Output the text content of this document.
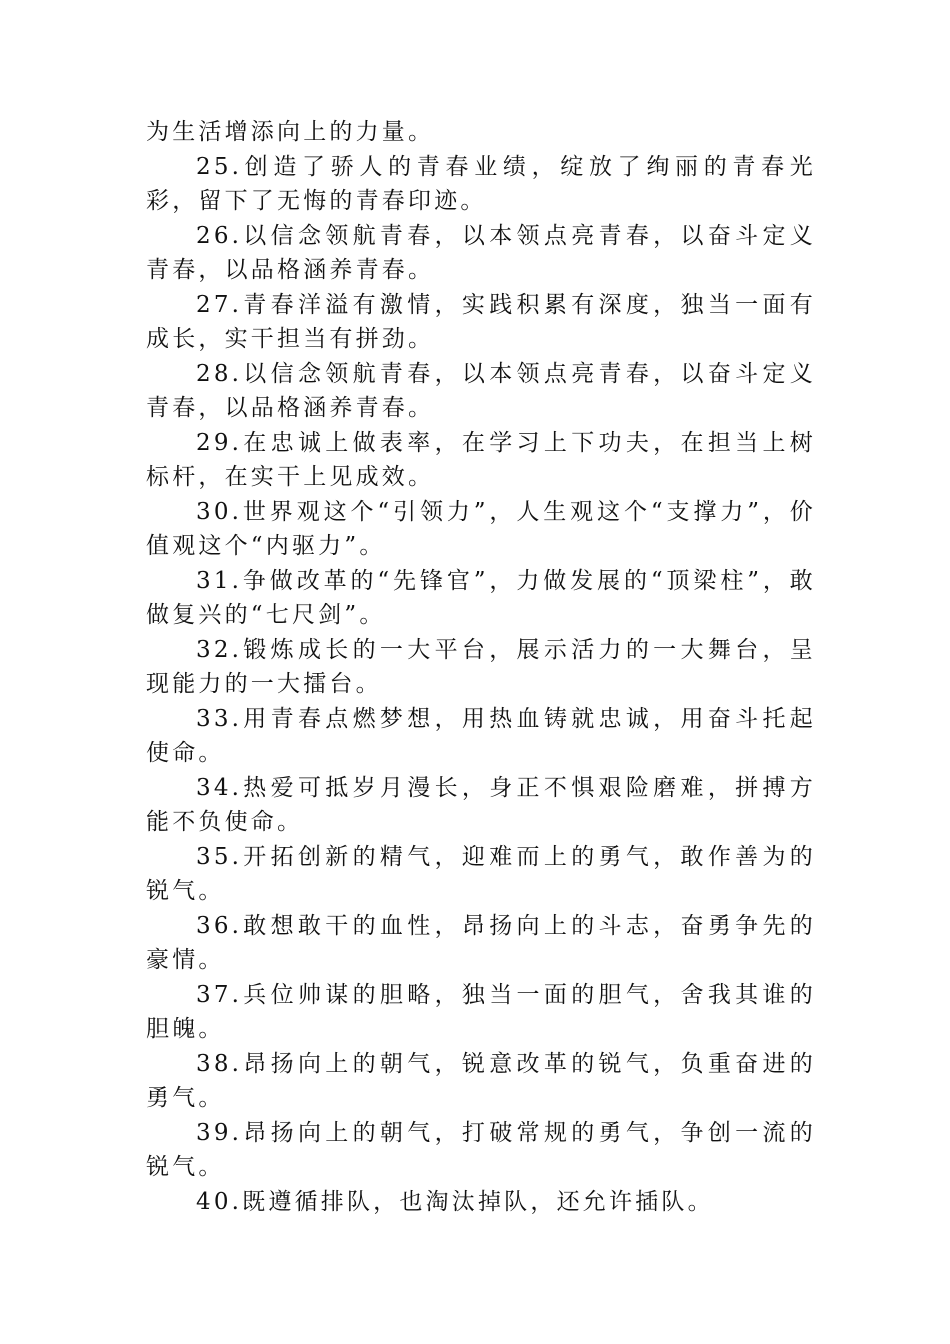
为生活增添向上的力量。

25.创造了骄人的青春业绩，绽放了绚丽的青春光彩，留下了无悔的青春印迹。

26.以信念领航青春，以本领点亮青春，以奋斗定义青春，以品格涵养青春。

27.青春洋溢有激情，实践积累有深度，独当一面有成长，实干担当有拼劲。

28.以信念领航青春，以本领点亮青春，以奋斗定义青春，以品格涵养青春。

29.在忠诚上做表率，在学习上下功夫，在担当上树标杆，在实干上见成效。

30.世界观这个“引领力”，人生观这个“支撑力”，价值观这个“内驱力”。

31.争做改革的“先锋官”，力做发展的“顶梁柱”，敢做复兴的“七尺剑”。

32.锻炼成长的一大平台，展示活力的一大舞台，呈现能力的一大擂台。

33.用青春点燃梦想，用热血铸就忠诚，用奋斗托起使命。

34.热爱可抵岁月漫长，身正不惧艰险磨难，拼搏方能不负使命。

35.开拓创新的精气，迎难而上的勇气，敢作善为的锐气。

36.敢想敢干的血性，昂扬向上的斗志，奋勇争先的豪情。

37.兵位帅谋的胆略，独当一面的胆气，舍我其谁的胆魄。

38.昂扬向上的朝气，锐意改革的锐气，负重奋进的勇气。

39.昂扬向上的朝气，打破常规的勇气，争创一流的锐气。

40.既遵循排队，也淘汰掉队，还允许插队。
